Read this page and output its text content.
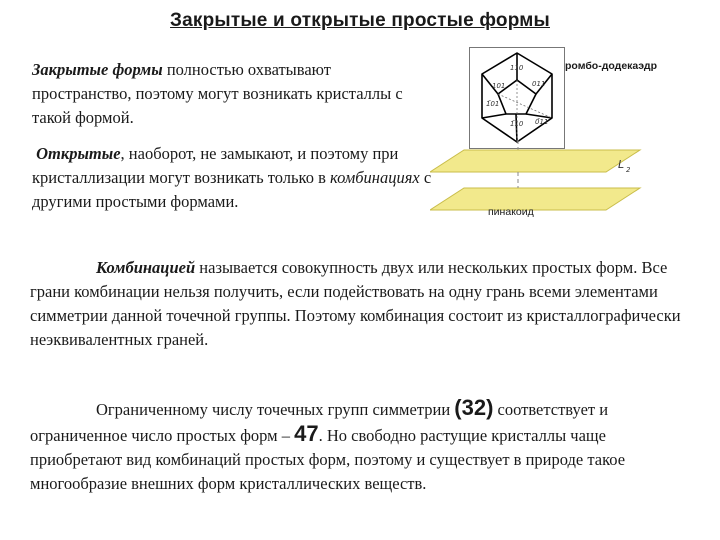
Закрытые и открытые простые формы

Закрытые формы полностью охватывают пространство, поэтому могут возникать кристаллы с такой формой.

Открытые, наоборот, не замыкают, и поэтому при кристаллизации могут возникать только в комбинациях с другими простыми формами.

110
011
101
1̄01
1̄10 0̄11
ромбо-додекаэдр
L 2
пинакоид

Комбинацией называется совокупность двух или нескольких простых форм. Все грани комбинации нельзя получить, если подействовать на одну грань всеми элементами симметрии данной точечной группы. Поэтому комбинация состоит из кристаллографически неэквивалентных граней.

Ограниченному числу точечных групп симметрии (32) соответствует и ограниченное число простых форм – 47. Но свободно растущие кристаллы чаще приобретают вид комбинаций простых форм, поэтому и существует в природе такое многообразие внешних форм кристаллических веществ.
